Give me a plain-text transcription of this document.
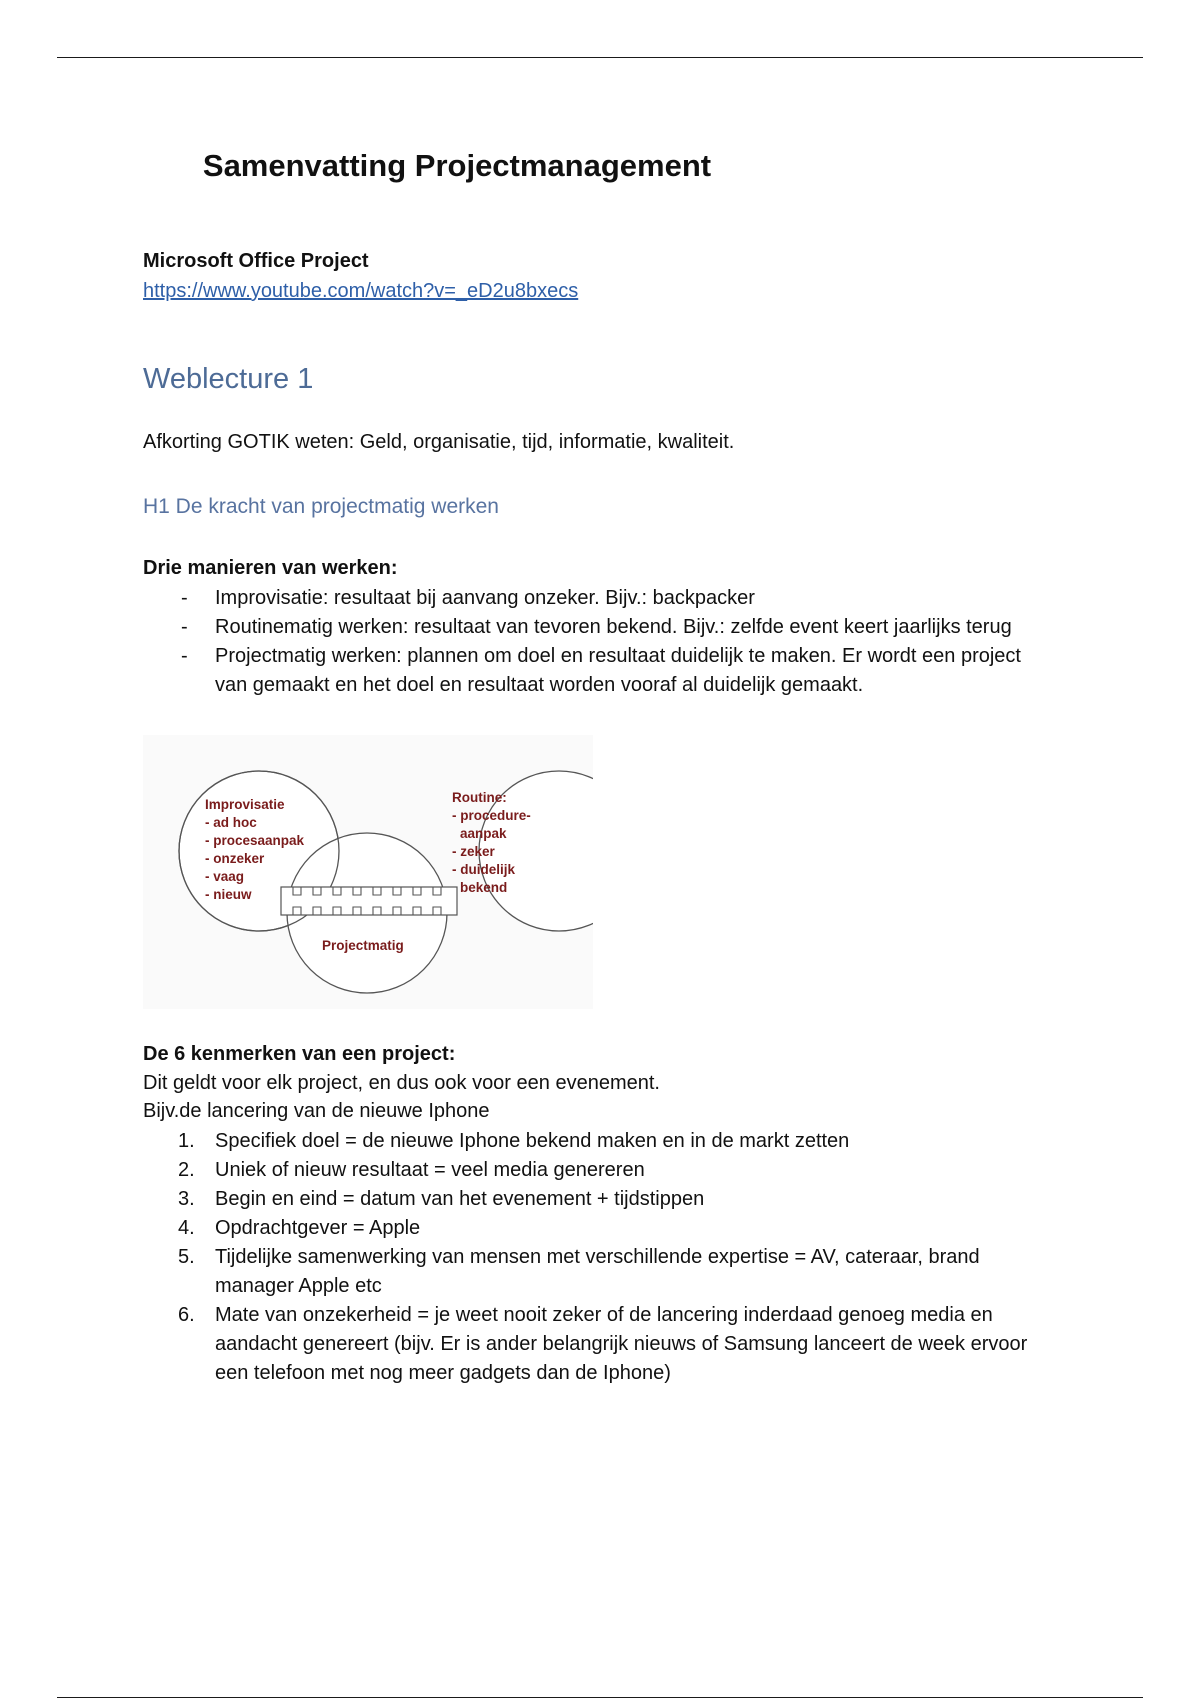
Samenvatting Projectmanagement
Microsoft Office Project
https://www.youtube.com/watch?v=_eD2u8bxecs
Weblecture 1
Afkorting GOTIK weten: Geld, organisatie, tijd, informatie, kwaliteit.
H1 De kracht van projectmatig werken
Drie manieren van werken:
- Improvisatie: resultaat bij aanvang onzeker. Bijv.: backpacker
- Routinematig werken: resultaat van tevoren bekend. Bijv.: zelfde event keert jaarlijks terug
- Projectmatig werken: plannen om doel en resultaat duidelijk te maken. Er wordt een project van gemaakt en het doel en resultaat worden vooraf al duidelijk gemaakt.
Improvisatie
- ad hoc
- procesaanpak
- onzeker
- vaag
- nieuw
Routine:
- procedure-
aanpak
- zeker
- duidelijk
bekend
Projectmatig
De 6 kenmerken van een project:
Dit geldt voor elk project, en dus ook voor een evenement.
Bijv.de lancering van de nieuwe Iphone
1. Specifiek doel = de nieuwe Iphone bekend maken en in de markt zetten
2. Uniek of nieuw resultaat = veel media genereren
3. Begin en eind = datum van het evenement + tijdstippen
4. Opdrachtgever = Apple
5. Tijdelijke samenwerking van mensen met verschillende expertise = AV, cateraar, brand manager Apple etc
6. Mate van onzekerheid = je weet nooit zeker of de lancering inderdaad genoeg media en aandacht genereert (bijv. Er is ander belangrijk nieuws of Samsung lanceert de week ervoor een telefoon met nog meer gadgets dan de Iphone)
